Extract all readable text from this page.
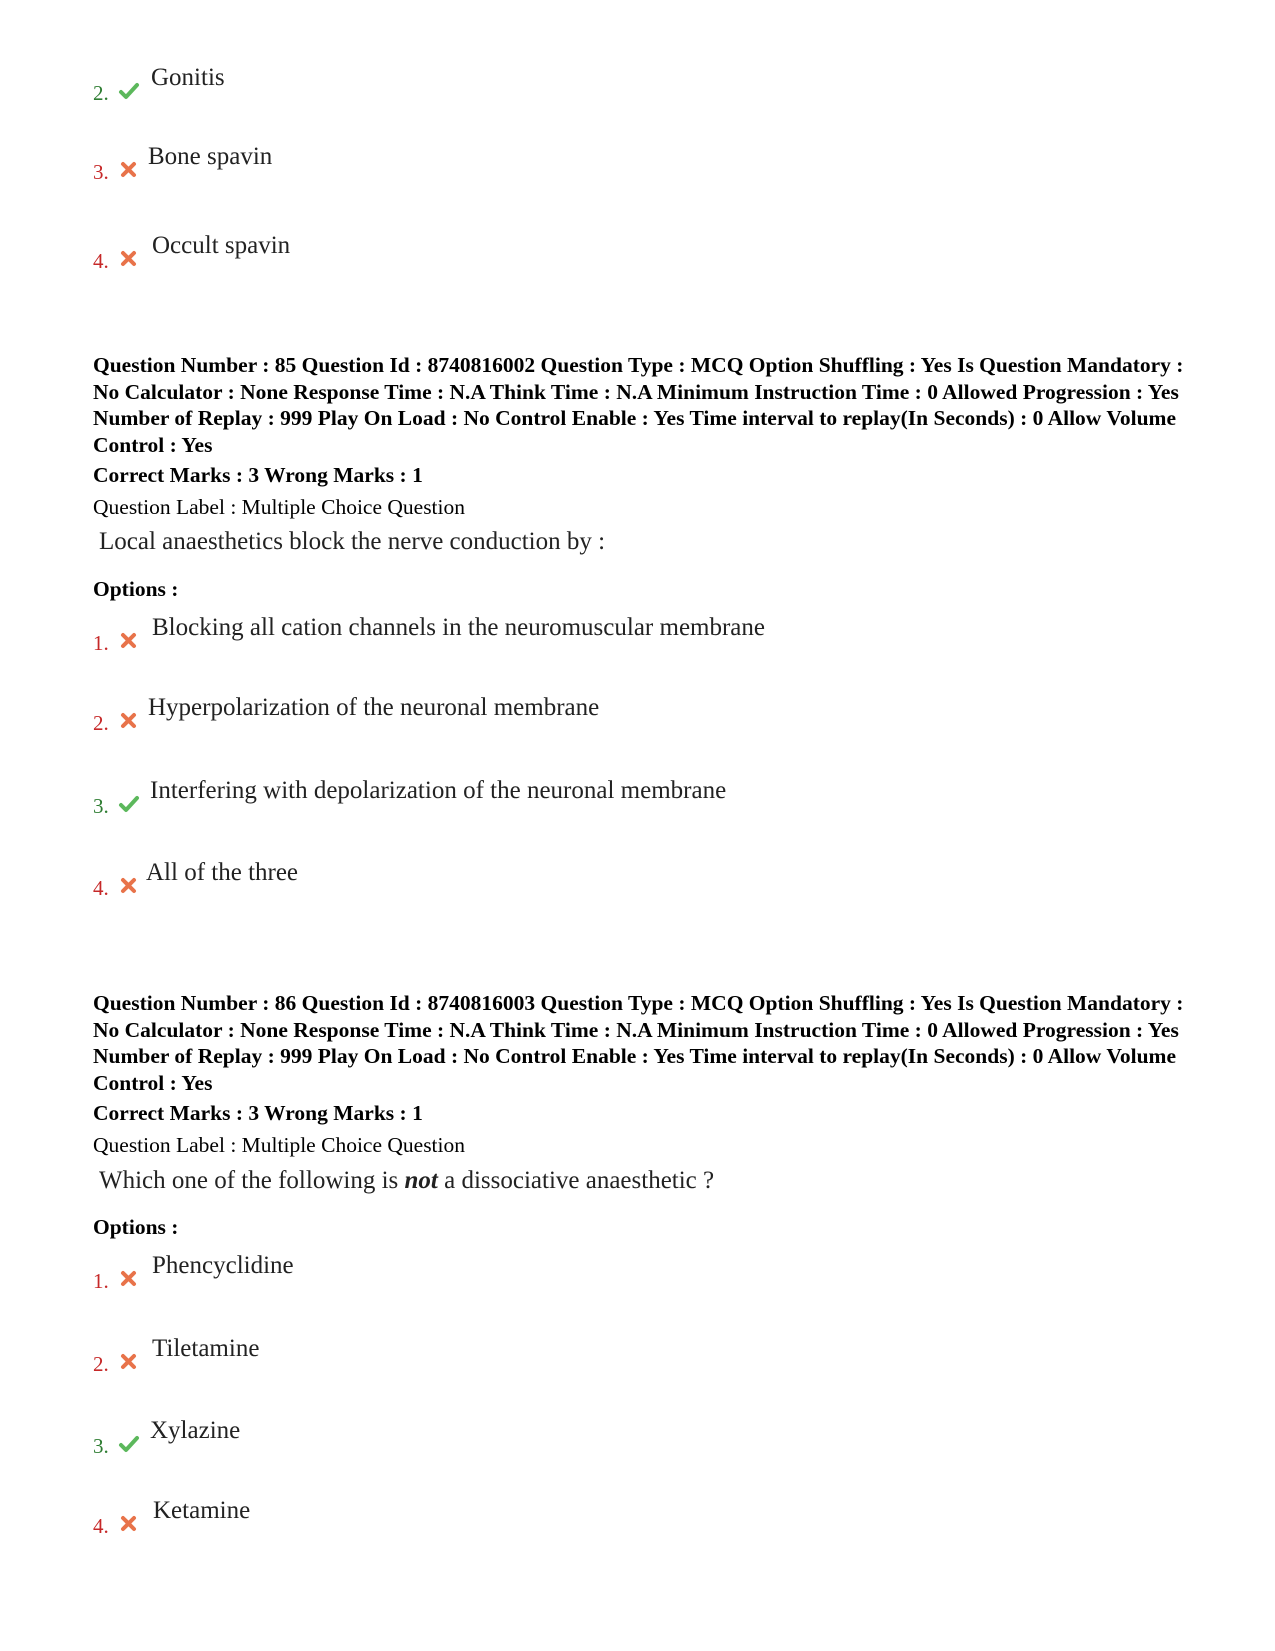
2.
Gonitis
3.
Bone spavin
4.
Occult spavin
Question Number : 85 Question Id : 8740816002 Question Type : MCQ Option Shuffling : Yes Is Question Mandatory : No Calculator : None Response Time : N.A Think Time : N.A Minimum Instruction Time : 0 Allowed Progression : Yes Number of Replay : 999 Play On Load : No Control Enable : Yes Time interval to replay(In Seconds) : 0 Allow Volume Control : Yes
Correct Marks : 3 Wrong Marks : 1
Question Label : Multiple Choice Question
Local anaesthetics block the nerve conduction by :
Options :
1.
Blocking all cation channels in the neuromuscular membrane
2.
Hyperpolarization of the neuronal membrane
3.
Interfering with depolarization of the neuronal membrane
4.
All of the three
Question Number : 86 Question Id : 8740816003 Question Type : MCQ Option Shuffling : Yes Is Question Mandatory : No Calculator : None Response Time : N.A Think Time : N.A Minimum Instruction Time : 0 Allowed Progression : Yes Number of Replay : 999 Play On Load : No Control Enable : Yes Time interval to replay(In Seconds) : 0 Allow Volume Control : Yes
Correct Marks : 3 Wrong Marks : 1
Question Label : Multiple Choice Question
Which one of the following is not a dissociative anaesthetic ?
Options :
1.
Phencyclidine
2.
Tiletamine
3.
Xylazine
4.
Ketamine
